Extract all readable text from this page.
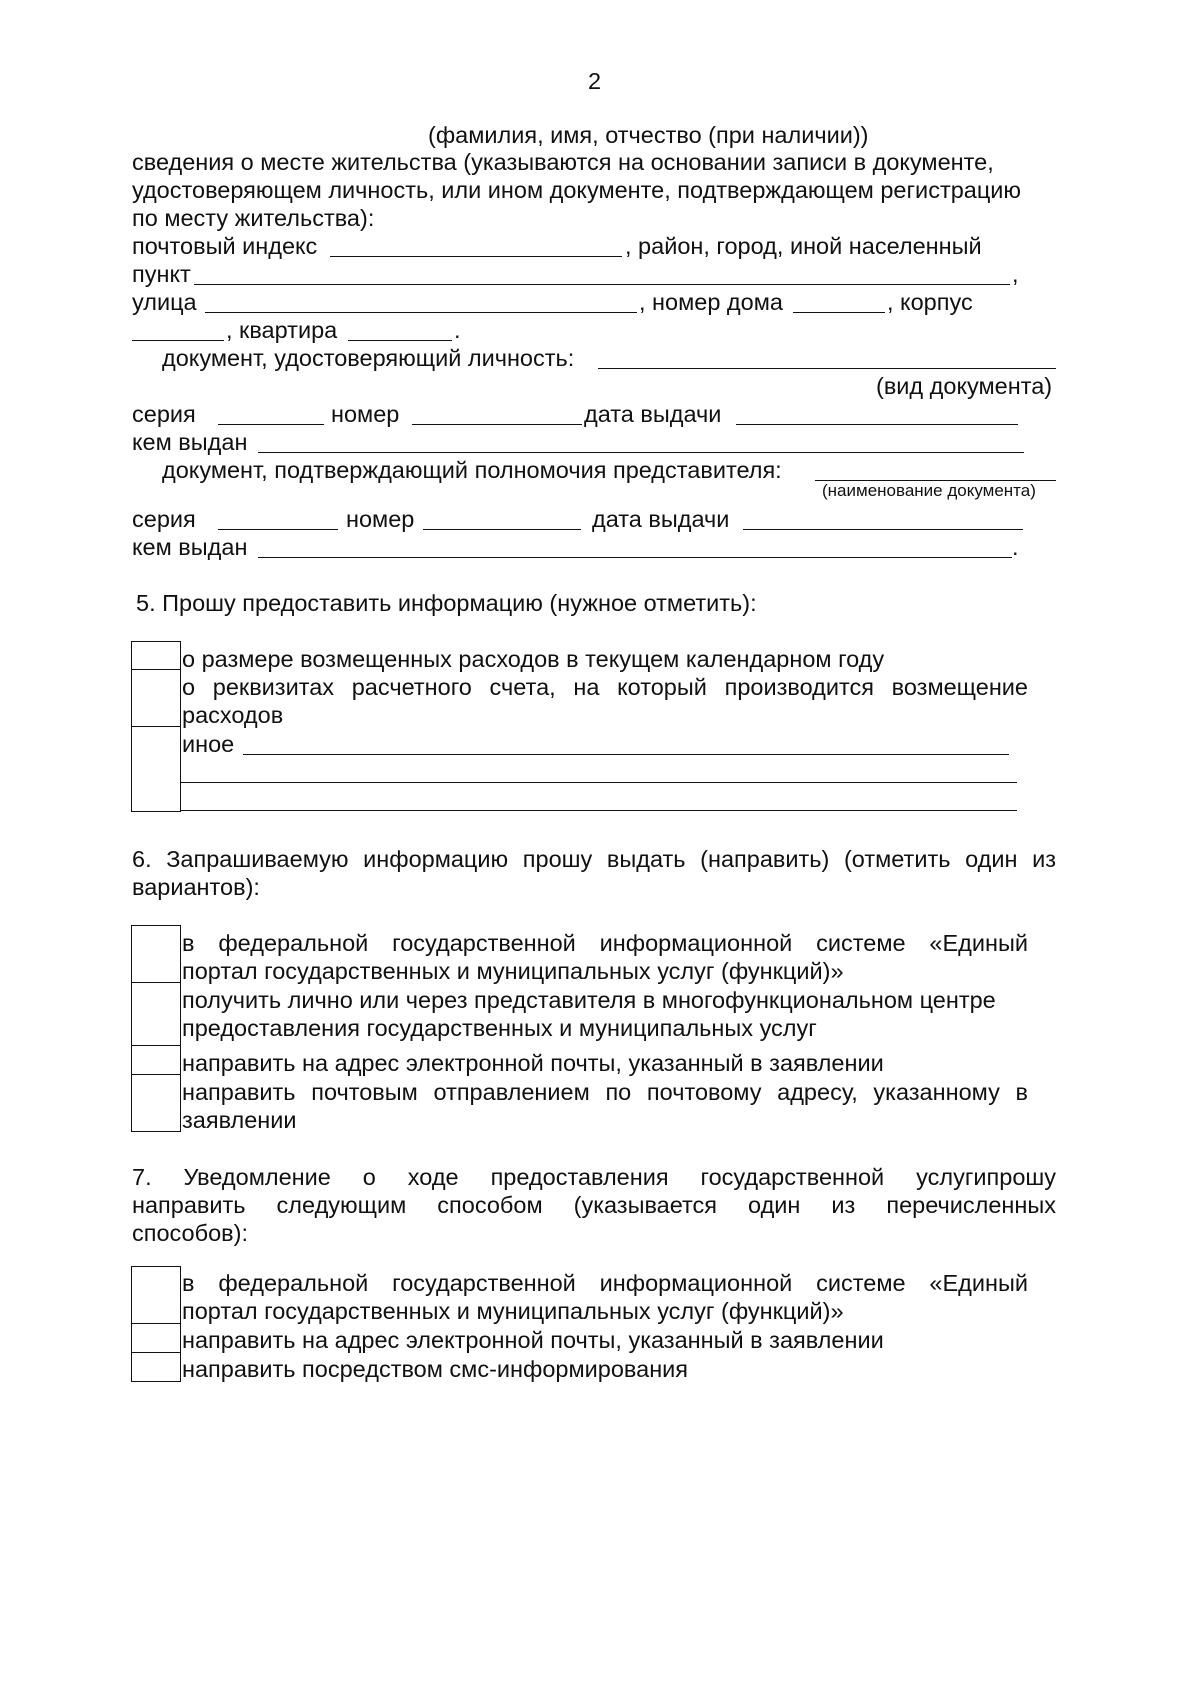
2
(фамилия, имя, отчество (при наличии))
сведения о месте жительства (указываются на основании записи в документе,
удостоверяющем личность, или ином документе, подтверждающем регистрацию
по месту жительства):
почтовый индекс	, район, город, иной населенный
пункт	,
улица	, номер дома	, корпус
, квартира	.
документ, удостоверяющий личность:
(вид документа)
серия	номер	дата выдачи
кем выдан
документ, подтверждающий полномочия представителя:
(наименование документа)
серия	номер	дата выдачи
кем выдан	.
5. Прошу предоставить информацию (нужное отметить):
о размере возмещенных расходов в текущем календарном году
о реквизитах расчетного счета, на который производится возмещение
расходов
иное
6. Запрашиваемую информацию прошу выдать (направить) (отметить один из
вариантов):
в федеральной государственной информационной системе «Единый
портал государственных и муниципальных услуг (функций)»
получить лично или через представителя в многофункциональном центре
предоставления государственных и муниципальных услуг
направить на адрес электронной почты, указанный в заявлении
направить почтовым отправлением по почтовому адресу, указанному в
заявлении
7. Уведомление о ходе предоставления государственной услугипрошу
направить следующим способом (указывается один из перечисленных
способов):
в федеральной государственной информационной системе «Единый
портал государственных и муниципальных услуг (функций)»
направить на адрес электронной почты, указанный в заявлении
направить посредством смс-информирования
